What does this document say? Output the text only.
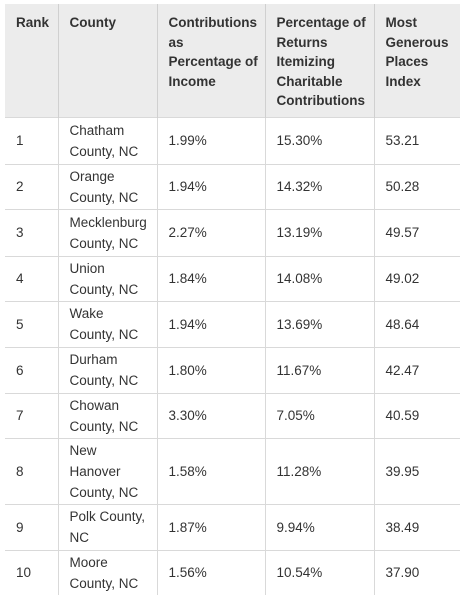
Rank	County	Contributions as Percentage of Income	Percentage of Returns Itemizing Charitable Contributions	Most Generous Places Index
1	Chatham County, NC	1.99%	15.30%	53.21
2	Orange County, NC	1.94%	14.32%	50.28
3	Mecklenburg County, NC	2.27%	13.19%	49.57
4	Union County, NC	1.84%	14.08%	49.02
5	Wake County, NC	1.94%	13.69%	48.64
6	Durham County, NC	1.80%	11.67%	42.47
7	Chowan County, NC	3.30%	7.05%	40.59
8	New Hanover County, NC	1.58%	11.28%	39.95
9	Polk County, NC	1.87%	9.94%	38.49
10	Moore County, NC	1.56%	10.54%	37.90
